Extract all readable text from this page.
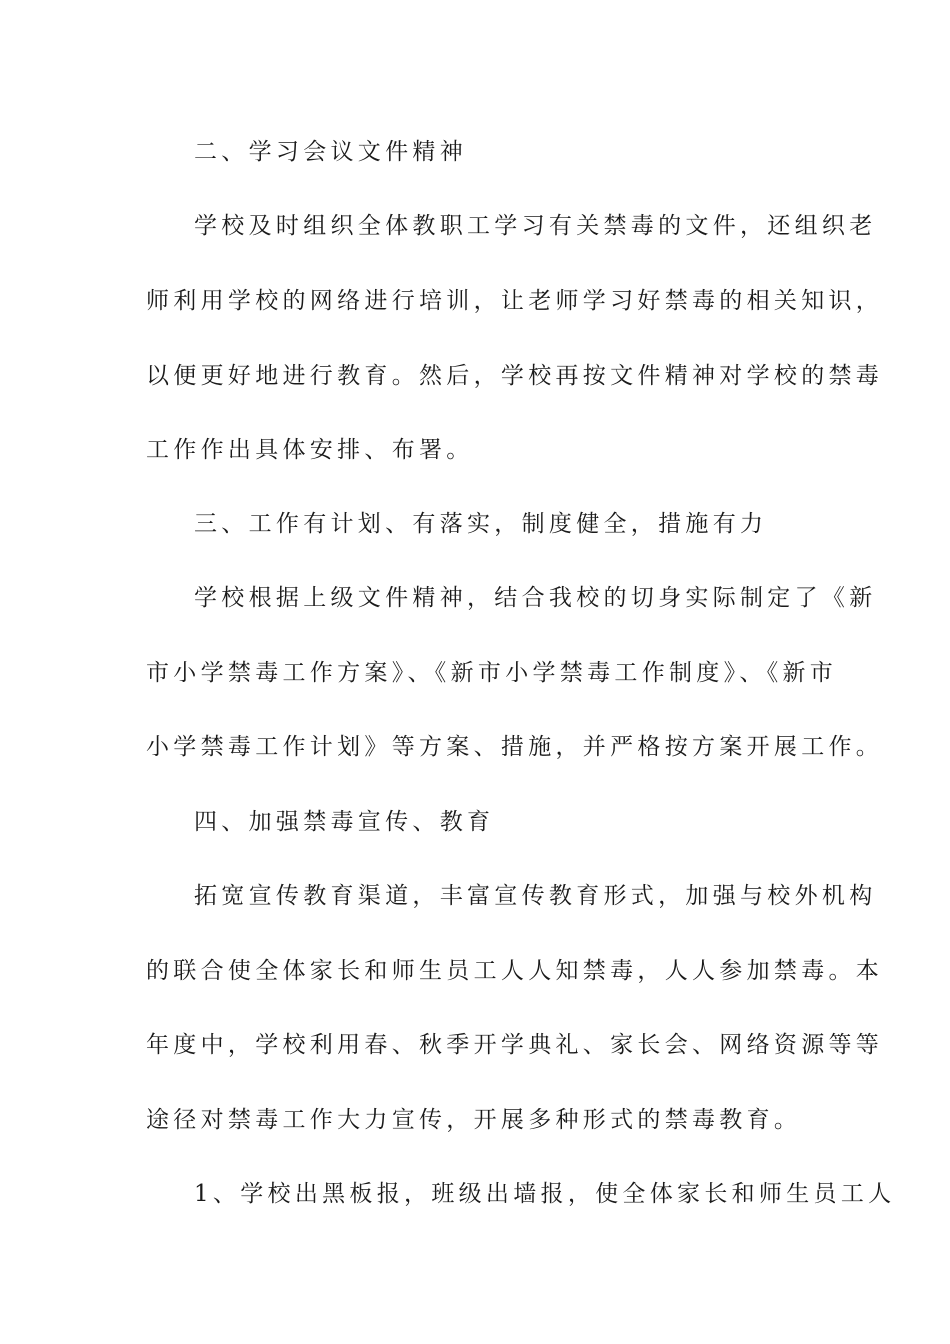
二、学习会议文件精神
学校及时组织全体教职工学习有关禁毒的文件，还组织老
师利用学校的网络进行培训，让老师学习好禁毒的相关知识，
以便更好地进行教育。然后，学校再按文件精神对学校的禁毒
工作作出具体安排、布署。
三、工作有计划、有落实，制度健全，措施有力
学校根据上级文件精神，结合我校的切身实际制定了《新
市小学禁毒工作方案》、《新市小学禁毒工作制度》、《新市
小学禁毒工作计划》等方案、措施，并严格按方案开展工作。
四、加强禁毒宣传、教育
拓宽宣传教育渠道，丰富宣传教育形式，加强与校外机构
的联合使全体家长和师生员工人人知禁毒，人人参加禁毒。本
年度中，学校利用春、秋季开学典礼、家长会、网络资源等等
途径对禁毒工作大力宣传，开展多种形式的禁毒教育。
1、学校出黑板报，班级出墙报，使全体家长和师生员工人
